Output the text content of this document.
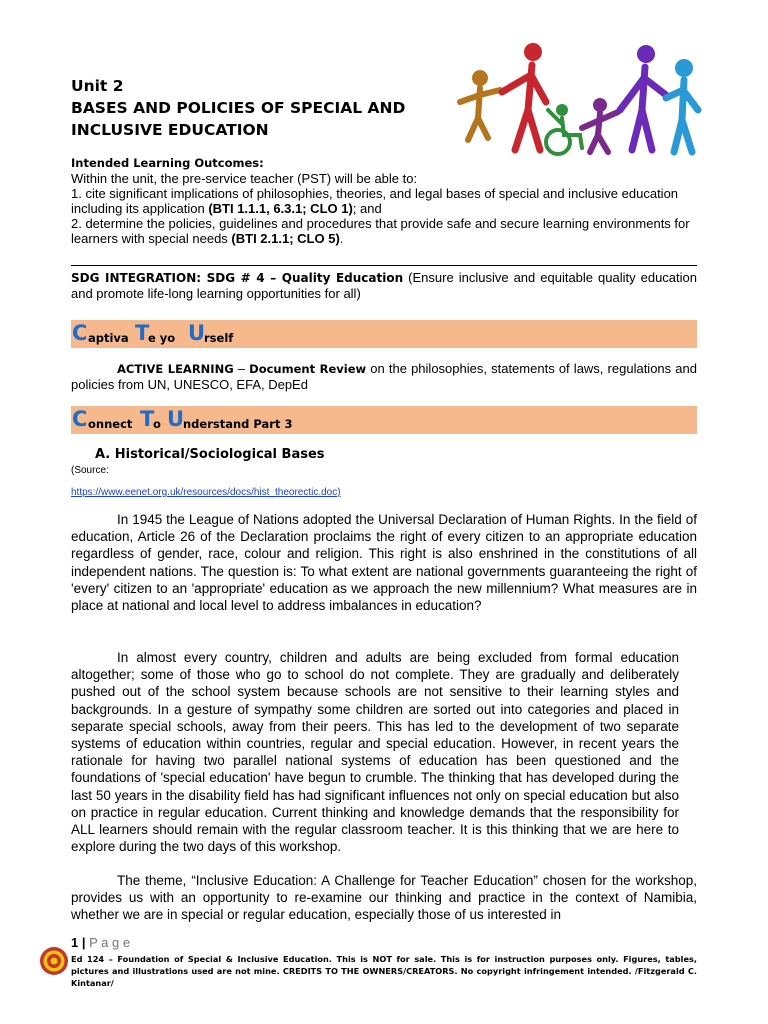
Unit 2
BASES AND POLICIES OF SPECIAL AND
INCLUSIVE EDUCATION
Intended Learning Outcomes:
Within the unit, the pre-service teacher (PST) will be able to:
1. cite significant implications of philosophies, theories, and legal bases of special and inclusive education including its application (BTI 1.1.1, 6.3.1; CLO 1); and
2. determine the policies, guidelines and procedures that provide safe and secure learning environments for learners with special needs (BTI 2.1.1; CLO 5).
SDG INTEGRATION: SDG # 4 – Quality Education (Ensure inclusive and equitable quality education and promote life-long learning opportunities for all)
C aptiva T
e yo U
rself
ACTIVE LEARNING – Document Review on the philosophies, statements of laws, regulations and policies from UN, UNESCO, EFA, DepEd
C onnect T
o U
nderstand Part 3
A. Historical/Sociological Bases
(Source:
https://www.eenet.org.uk/resources/docs/hist_theorectic.doc)

In 1945 the League of Nations adopted the Universal Declaration of Human Rights. In the field of education, Article 26 of the Declaration proclaims the right of every citizen to an appropriate education regardless of gender, race, colour and religion. This right is also enshrined in the constitutions of all independent nations. The question is: To what extent are national governments guaranteeing the right of 'every' citizen to an 'appropriate' education as we approach the new millennium? What measures are in place at national and local level to address imbalances in education?

In almost every country, children and adults are being excluded from formal education altogether; some of those who go to school do not complete. They are gradually and deliberately pushed out of the school system because schools are not sensitive to their learning styles and backgrounds. In a gesture of sympathy some children are sorted out into categories and placed in separate special schools, away from their peers. This has led to the development of two separate systems of education within countries, regular and special education. However, in recent years the rationale for having two parallel national systems of education has been questioned and the foundations of 'special education' have begun to crumble. The thinking that has developed during the last 50 years in the disability field has had significant influences not only on special education but also on practice in regular education. Current thinking and knowledge demands that the responsibility for ALL learners should remain with the regular classroom teacher. It is this thinking that we are here to explore during the two days of this workshop.

The theme, “Inclusive Education: A Challenge for Teacher Education” chosen for the workshop, provides us with an opportunity to re-examine our thinking and practice in the context of Namibia, whether we are in special or regular education, especially those of us interested in

1 | P a g e
Ed 124 – Foundation of Special & Inclusive Education. This is NOT for sale. This is for instruction purposes only. Figures, tables, pictures and illustrations used are not mine. CREDITS TO THE OWNERS/CREATORS. No copyright infringement intended. /Fitzgerald C. Kintanar/
